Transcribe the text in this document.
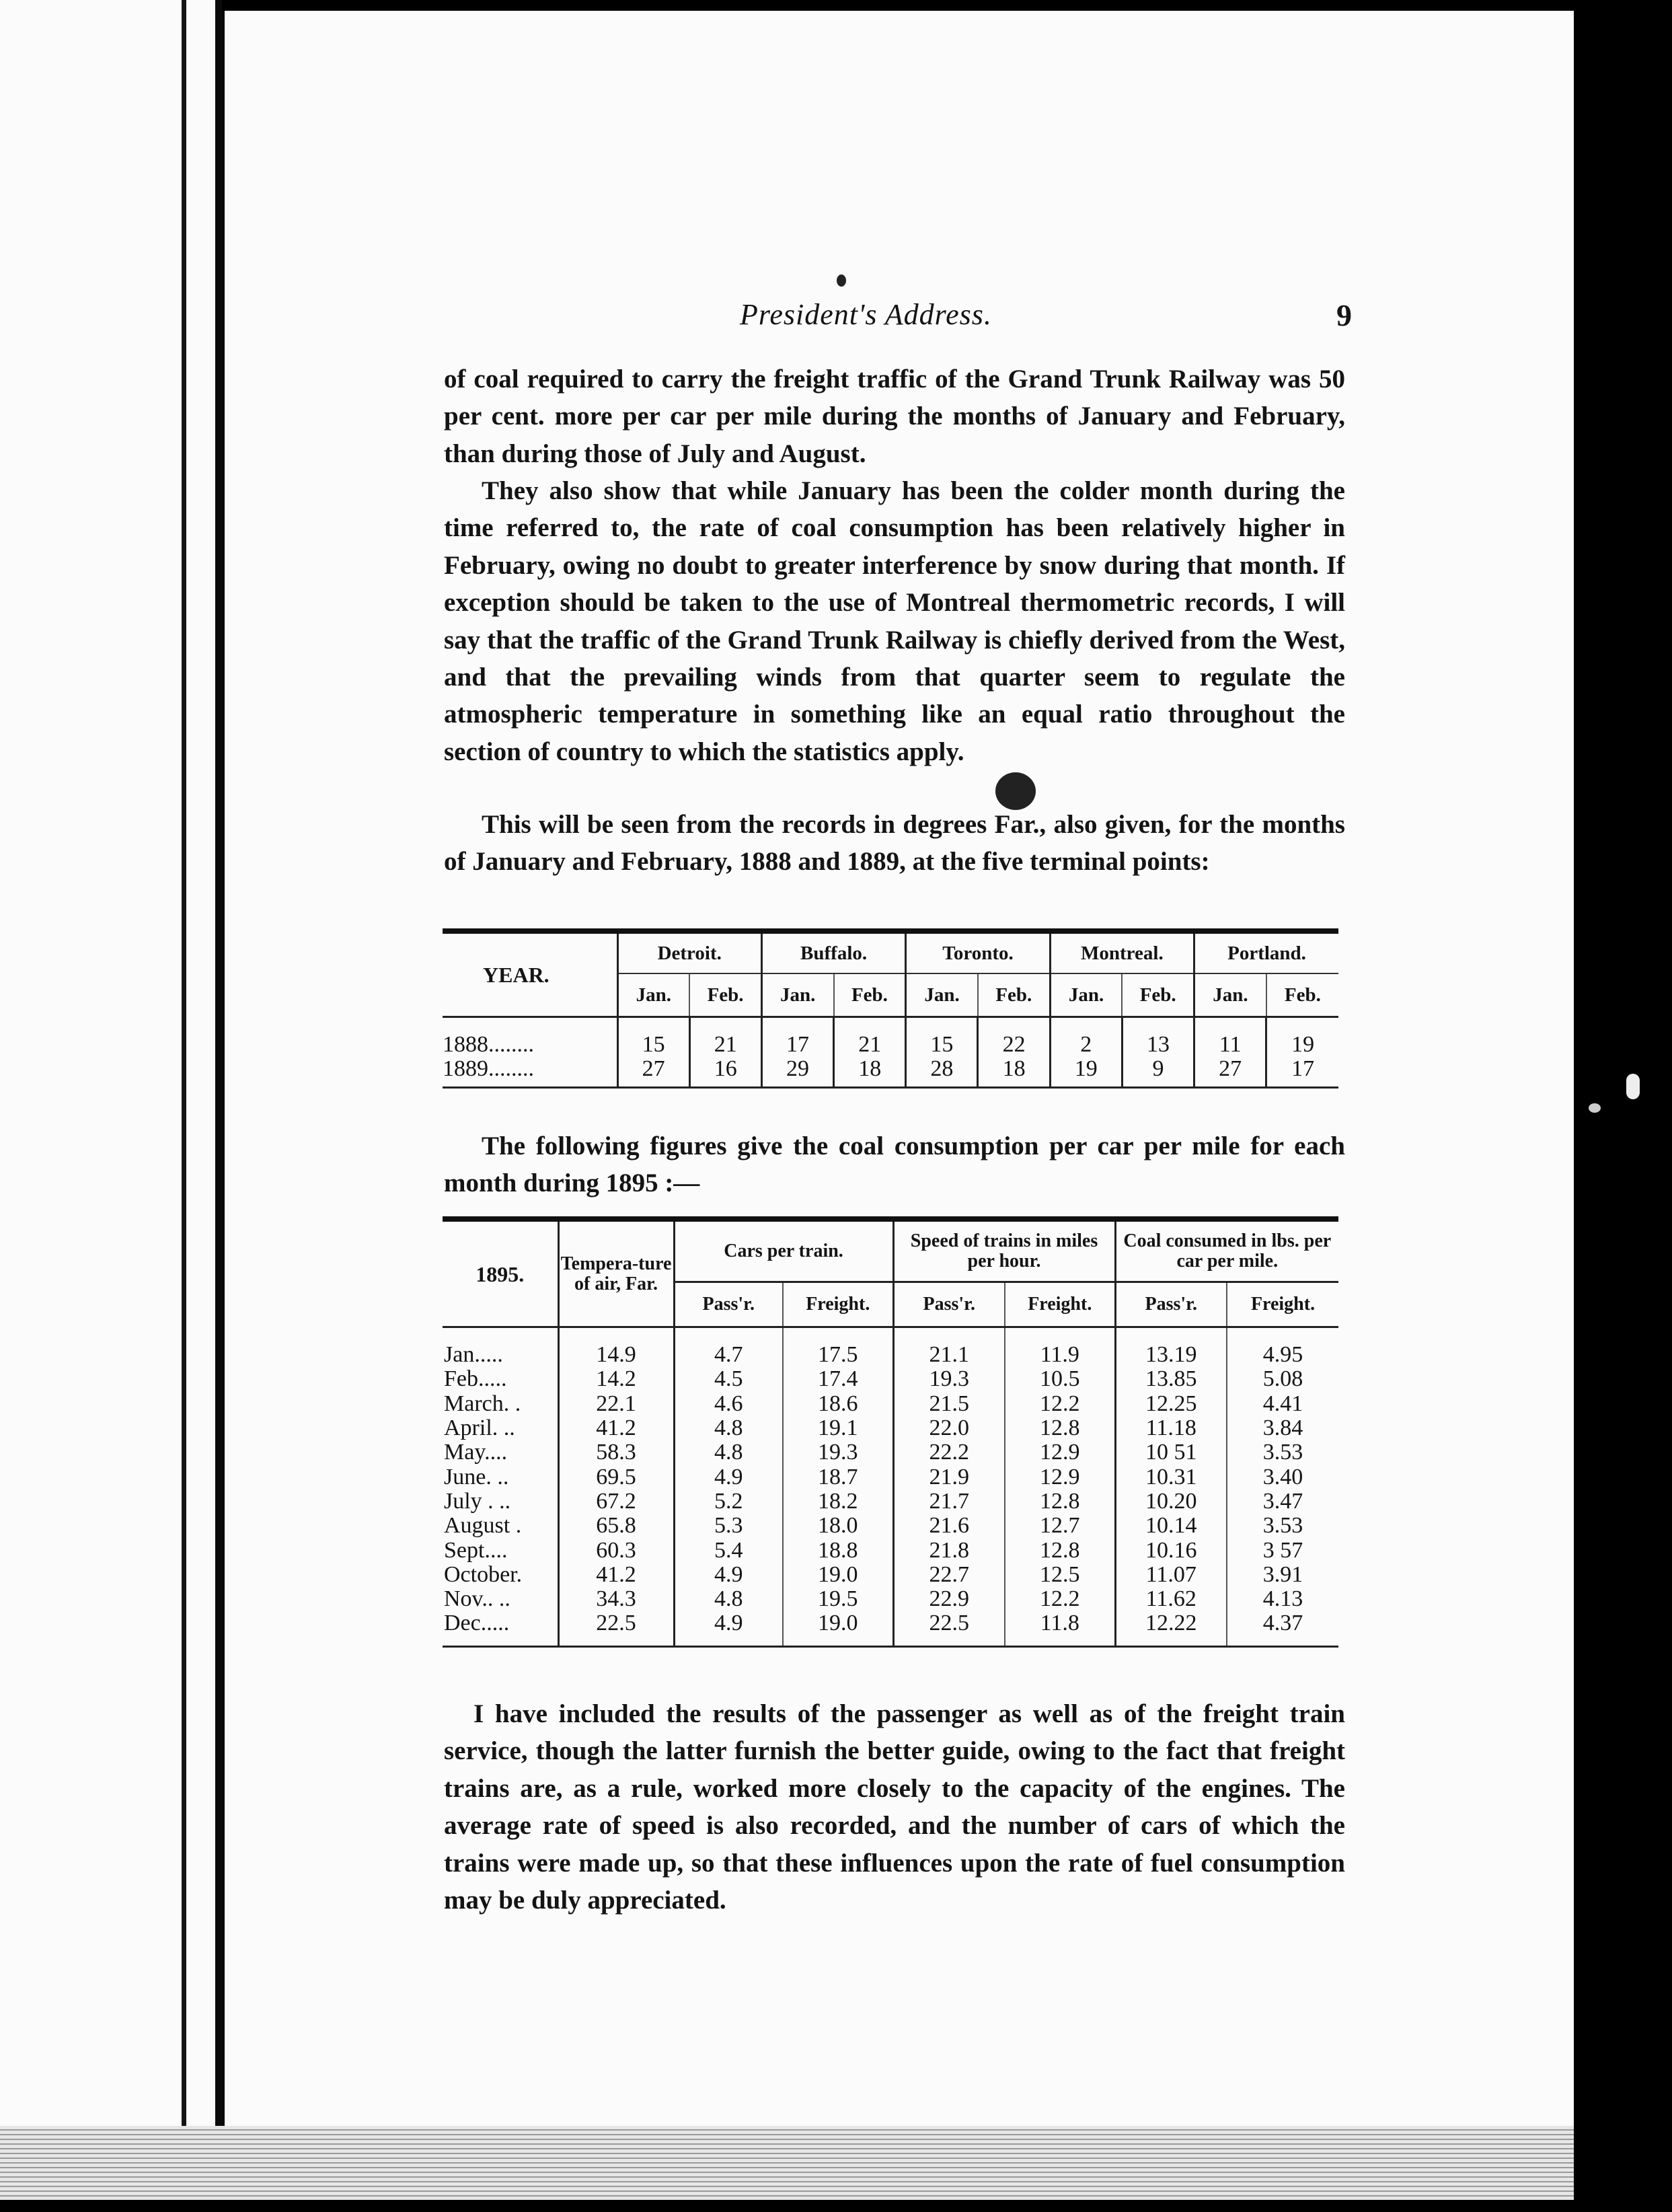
President's Address.	9

of coal required to carry the freight traffic of the Grand Trunk Railway was 50 per cent. more per car per mile during the months of January and February, than during those of July and August.

They also show that while January has been the colder month during the time referred to, the rate of coal consumption has been relatively higher in February, owing no doubt to greater interference by snow during that month. If exception should be taken to the use of Montreal thermometric records, I will say that the traffic of the Grand Trunk Railway is chiefly derived from the West, and that the prevailing winds from that quarter seem to regulate the atmospheric temperature in something like an equal ratio throughout the section of country to which the statistics apply.

This will be seen from the records in degrees Far., also given, for the months of January and February, 1888 and 1889, at the five terminal points:

YEAR.	Detroit.		Buffalo.		Toronto.		Montreal.		Portland.	
	Jan.	Feb.	Jan.	Feb.	Jan.	Feb.	Jan.	Feb.	Jan.	Feb.
1888........	15	21	17	21	15	22	2	13	11	19
1889........	27	16	29	18	28	18	19	9	27	17

The following figures give the coal consumption per car per mile for each month during 1895 :—

1895.	Tempera-ture of air, Far.	Cars per train.		Speed of trains in miles per hour.		Coal consumed in lbs. per car per mile.	
		Pass'r.	Freight.	Pass'r.	Freight.	Pass'r.	Freight.
Jan.....	14.9	4.7	17.5	21.1	11.9	13.19	4.95
Feb.....	14.2	4.5	17.4	19.3	10.5	13.85	5.08
March. .	22.1	4.6	18.6	21.5	12.2	12.25	4.41
April. ..	41.2	4.8	19.1	22.0	12.8	11.18	3.84
May....	58.3	4.8	19.3	22.2	12.9	10 51	3.53
June. ..	69.5	4.9	18.7	21.9	12.9	10.31	3.40
July . ..	67.2	5.2	18.2	21.7	12.8	10.20	3.47
August .	65.8	5.3	18.0	21.6	12.7	10.14	3.53
Sept....	60.3	5.4	18.8	21.8	12.8	10.16	3 57
October.	41.2	4.9	19.0	22.7	12.5	11.07	3.91
Nov.. ..	34.3	4.8	19.5	22.9	12.2	11.62	4.13
Dec.....	22.5	4.9	19.0	22.5	11.8	12.22	4.37

I have included the results of the passenger as well as of the freight train service, though the latter furnish the better guide, owing to the fact that freight trains are, as a rule, worked more closely to the capacity of the engines. The average rate of speed is also recorded, and the number of cars of which the trains were made up, so that these influences upon the rate of fuel consumption may be duly appreciated.
